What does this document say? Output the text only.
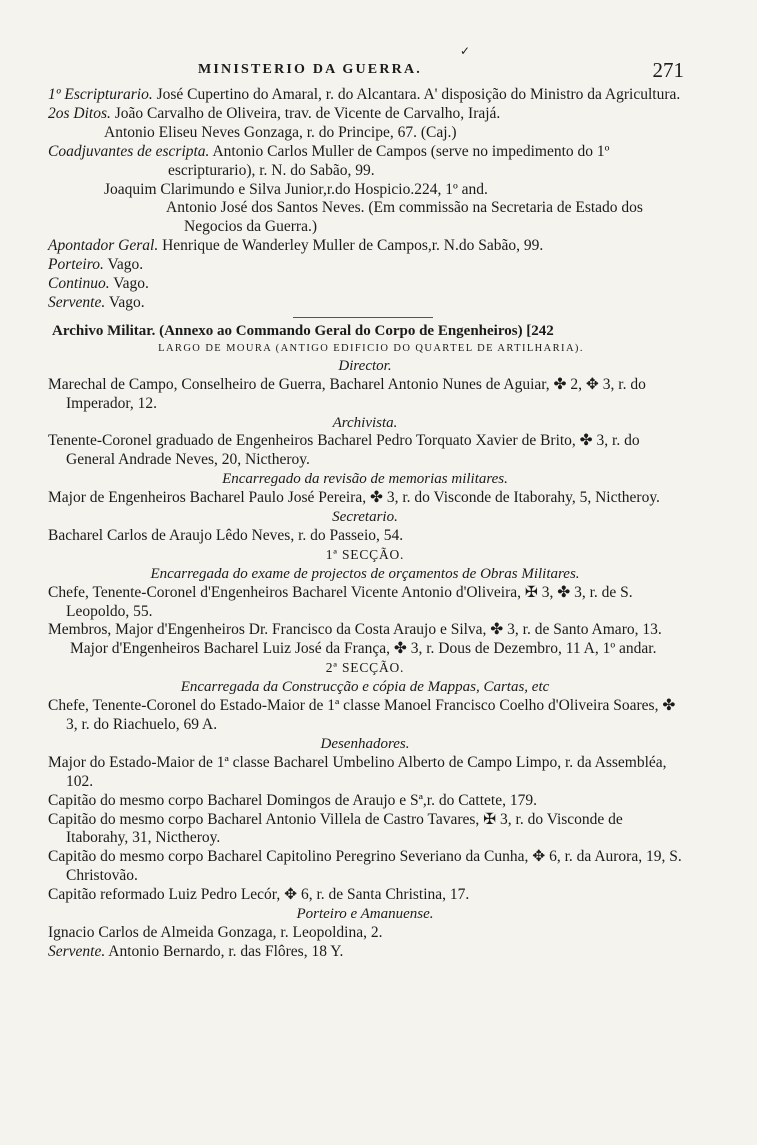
✓
MINISTERIO DA GUERRA.	271
1º Escripturario. José Cupertino do Amaral, r. do Alcantara. A' disposição do Ministro da Agricultura.
2os Ditos. João Carvalho de Oliveira, trav. de Vicente de Carvalho, Irajá.
Antonio Eliseu Neves Gonzaga, r. do Principe, 67. (Caj.)
Coadjuvantes de escripta. Antonio Carlos Muller de Campos (serve no impedimento do 1º escripturario), r. N. do Sabão, 99.
Joaquim Clarimundo e Silva Junior,r.do Hospicio.224, 1º and.
Antonio José dos Santos Neves. (Em commissão na Secretaria de Estado dos Negocios da Guerra.)
Apontador Geral. Henrique de Wanderley Muller de Campos,r. N.do Sabão, 99.
Porteiro. Vago.
Continuo. Vago.
Servente. Vago.
Archivo Militar. (Annexo ao Commando Geral do Corpo de Engenheiros) [242
LARGO DE MOURA (ANTIGO EDIFICIO DO QUARTEL DE ARTILHARIA).
Director.
Marechal de Campo, Conselheiro de Guerra, Bacharel Antonio Nunes de Aguiar, ✤ 2, ✥ 3, r. do Imperador, 12.
Archivista.
Tenente-Coronel graduado de Engenheiros Bacharel Pedro Torquato Xavier de Brito, ✤ 3, r. do General Andrade Neves, 20, Nictheroy.
Encarregado da revisão de memorias militares.
Major de Engenheiros Bacharel Paulo José Pereira, ✤ 3, r. do Visconde de Itaborahy, 5, Nictheroy.
Secretario.
Bacharel Carlos de Araujo Lêdo Neves, r. do Passeio, 54.
1ª SECÇÃO.
Encarregada do exame de projectos de orçamentos de Obras Militares.
Chefe, Tenente-Coronel d'Engenheiros Bacharel Vicente Antonio d'Oliveira, ✠ 3, ✤ 3, r. de S. Leopoldo, 55.
Membros, Major d'Engenheiros Dr. Francisco da Costa Araujo e Silva, ✤ 3, r. de Santo Amaro, 13.
Major d'Engenheiros Bacharel Luiz José da França, ✤ 3, r. Dous de Dezembro, 11 A, 1º andar.
2ª SECÇÃO.
Encarregada da Construcção e cópia de Mappas, Cartas, etc
Chefe, Tenente-Coronel do Estado-Maior de 1ª classe Manoel Francisco Coelho d'Oliveira Soares, ✤ 3, r. do Riachuelo, 69 A.
Desenhadores.
Major do Estado-Maior de 1ª classe Bacharel Umbelino Alberto de Campo Limpo, r. da Assembléa, 102.
Capitão do mesmo corpo Bacharel Domingos de Araujo e Sª,r. do Cattete, 179.
Capitão do mesmo corpo Bacharel Antonio Villela de Castro Tavares, ✠ 3, r. do Visconde de Itaborahy, 31, Nictheroy.
Capitão do mesmo corpo Bacharel Capitolino Peregrino Severiano da Cunha, ✥ 6, r. da Aurora, 19, S. Christovão.
Capitão reformado Luiz Pedro Lecór, ✥ 6, r. de Santa Christina, 17.
Porteiro e Amanuense.
Ignacio Carlos de Almeida Gonzaga, r. Leopoldina, 2.
Servente. Antonio Bernardo, r. das Flôres, 18 Y.
